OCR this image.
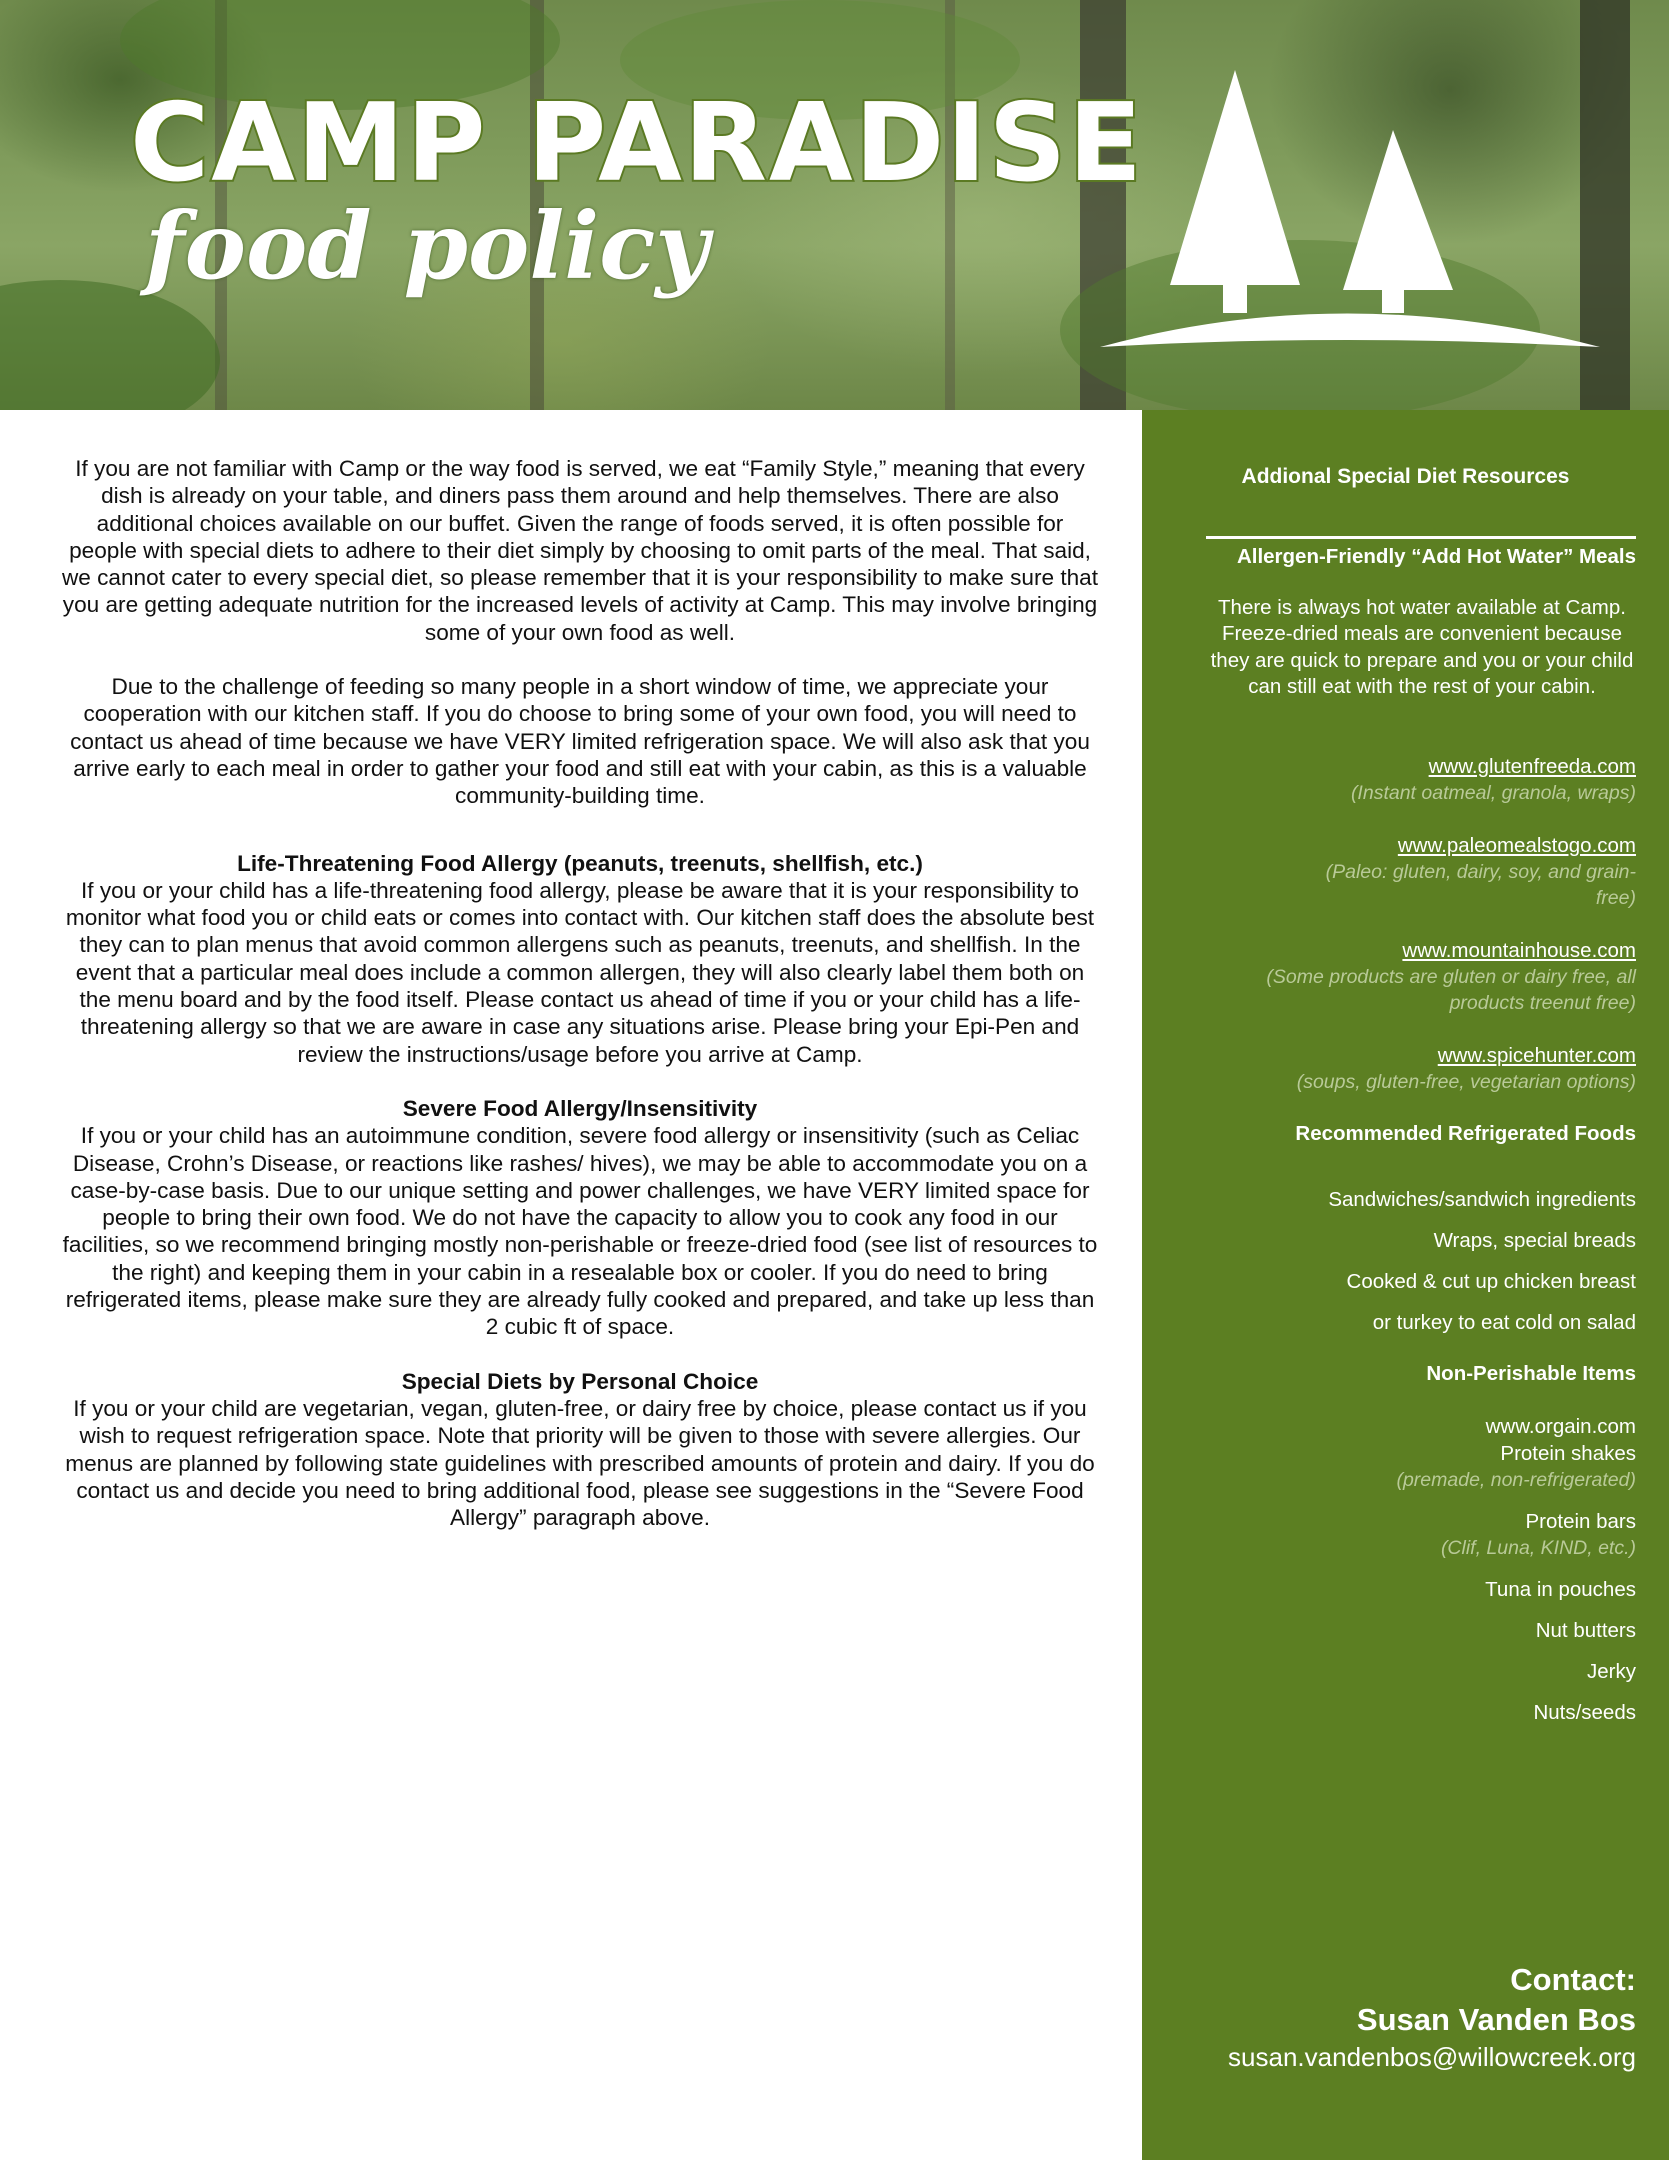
CAMP PARADISE
food policy

If you are not familiar with Camp or the way food is served, we eat “Family Style,” meaning that every dish is already on your table, and diners pass them around and help themselves. There are also additional choices available on our buffet. Given the range of foods served, it is often possible for people with special diets to adhere to their diet simply by choosing to omit parts of the meal. That said, we cannot cater to every special diet, so please remember that it is your responsibility to make sure that you are getting adequate nutrition for the increased levels of activity at Camp. This may involve bringing some of your own food as well.

Due to the challenge of feeding so many people in a short window of time, we appreciate your cooperation with our kitchen staff. If you do choose to bring some of your own food, you will need to contact us ahead of time because we have VERY limited refrigeration space. We will also ask that you arrive early to each meal in order to gather your food and still eat with your cabin, as this is a valuable community-building time.

Life-Threatening Food Allergy (peanuts, treenuts, shellfish, etc.)

If you or your child has a life-threatening food allergy, please be aware that it is your responsibility to monitor what food you or child eats or comes into contact with. Our kitchen staff does the absolute best they can to plan menus that avoid common allergens such as peanuts, treenuts, and shellfish. In the event that a particular meal does include a common allergen, they will also clearly label them both on the menu board and by the food itself. Please contact us ahead of time if you or your child has a life-threatening allergy so that we are aware in case any situations arise. Please bring your Epi-Pen and review the instructions/usage before you arrive at Camp.

Severe Food Allergy/Insensitivity

If you or your child has an autoimmune condition, severe food allergy or insensitivity (such as Celiac Disease, Crohn’s Disease, or reactions like rashes/ hives), we may be able to accommodate you on a case-by-case basis. Due to our unique setting and power challenges, we have VERY limited space for people to bring their own food. We do not have the capacity to allow you to cook any food in our facilities, so we recommend bringing mostly non-perishable or freeze-dried food (see list of resources to the right) and keeping them in your cabin in a resealable box or cooler. If you do need to bring refrigerated items, please make sure they are already fully cooked and prepared, and take up less than 2 cubic ft of space.

Special Diets by Personal Choice

If you or your child are vegetarian, vegan, gluten-free, or dairy free by choice, please contact us if you wish to request refrigeration space. Note that priority will be given to those with severe allergies. Our menus are planned by following state guidelines with prescribed amounts of protein and dairy. If you do contact us and decide you need to bring additional food, please see suggestions in the “Severe Food Allergy” paragraph above.

Addional Special Diet Resources

Allergen-Friendly “Add Hot Water” Meals

There is always hot water available at Camp. Freeze-dried meals are convenient because they are quick to prepare and you or your child can still eat with the rest of your cabin.

www.glutenfreeda.com

(Instant oatmeal, granola, wraps)

www.paleomealstogo.com

(Paleo: gluten, dairy, soy, and grain-free)

www.mountainhouse.com

(Some products are gluten or dairy free, all products treenut free)

www.spicehunter.com

(soups, gluten-free, vegetarian options)

Recommended Refrigerated Foods

Sandwiches/sandwich ingredients

Wraps, special breads

Cooked & cut up chicken breast

or turkey to eat cold on salad

Non-Perishable Items

www.orgain.com

Protein shakes

(premade, non-refrigerated)

Protein bars

(Clif, Luna, KIND, etc.)

Tuna in pouches

Nut butters

Jerky

Nuts/seeds

Contact:

Susan Vanden Bos

susan.vandenbos@willowcreek.org
